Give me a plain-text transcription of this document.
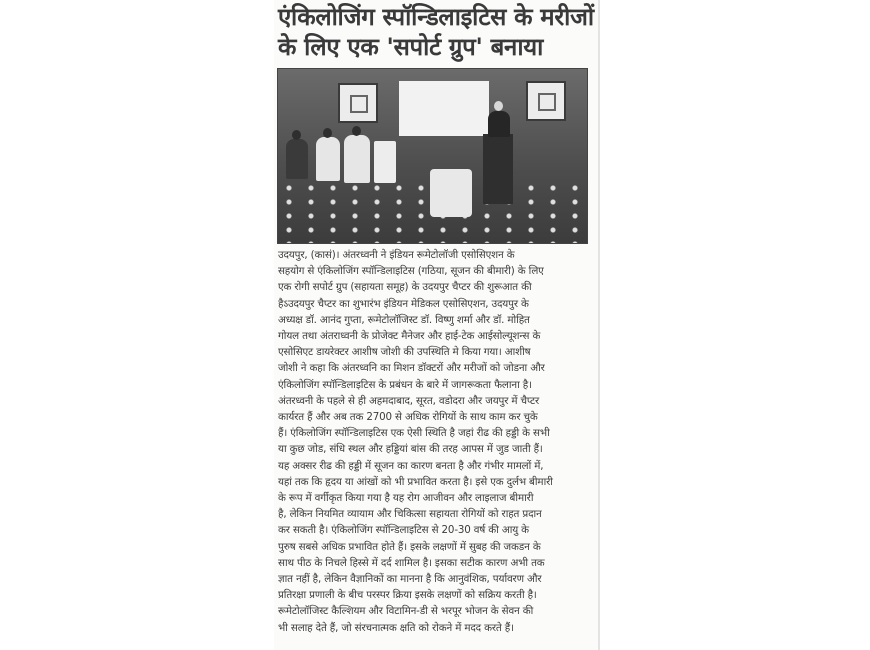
एंकिलोजिंग स्पॉन्डिलाइटिस के मरीजों
के लिए एक 'सपोर्ट ग्रुप' बनाया
उदयपुर, (कासं)। अंतरध्वनी ने इंडियन रूमेटोलॉजी एसोसिएशन के
सहयोग से एंकिलोजिंग स्पॉन्डिलाइटिस (गठिया, सूजन की बीमारी) के लिए
एक रोगी सपोर्ट ग्रुप (सहायता समूह) के उदयपुर चैप्टर की शुरूआत की
हैऽउदयपुर चैप्टर का शुभारंभ इंडियन मेडिकल एसोसिएशन, उदयपुर के
अध्यक्ष डॉ. आनंद गुप्ता, रूमेटोलॉजिस्ट डॉ. विष्णु शर्मा और डॉ. मोहित
गोयल तथा अंतराध्वनी के प्रोजेक्ट मैनेजर और हाई-टेक आईसोल्यूशन्स के
एसोसिएट डायरेक्टर आशीष जोशी की उपस्थिति मे किया गया। आशीष
जोशी ने कहा कि अंतरध्वनि का मिशन डॉक्टरों और मरीजों को जोडना और
एंकिलोजिंग स्पॉन्डिलाइटिस के प्रबंधन के बारे में जागरूकता फैलाना है।
अंतरध्वनी के पहले से ही अहमदाबाद, सूरत, वडोदरा और जयपुर में चैप्टर
कार्यरत हैं और अब तक 2700 से अधिक रोगियों के साथ काम कर चुके
हैं। एंकिलोजिंग स्पॉन्डिलाइटिस एक ऐसी स्थिति है जहां रीढ की हड्डी के सभी
या कुछ जोड, संधि स्थल और हड्डियां बांस की तरह आपस में जुड जाती हैं।
यह अक्सर रीढ की हड्डी में सूजन का कारण बनता है और गंभीर मामलों में,
यहां तक कि हृदय या आंखों को भी प्रभावित करता है। इसे एक दुर्लभ बीमारी
के रूप में वर्गीकृत किया गया है यह रोग आजीवन और लाइलाज बीमारी
है, लेकिन नियमित व्यायाम और चिकित्सा सहायता रोगियों को राहत प्रदान
कर सकती है। एंकिलोजिंग स्पॉन्डिलाइटिस से 20-30 वर्ष की आयु के
पुरुष सबसे अधिक प्रभावित होते हैं। इसके लक्षणों में सुबह की जकडन के
साथ पीठ के निचले हिस्से में दर्द शामिल है। इसका सटीक कारण अभी तक
ज्ञात नहीं है, लेकिन वैज्ञानिकों का मानना है कि आनुवंशिक, पर्यावरण और
प्रतिरक्षा प्रणाली के बीच परस्पर क्रिया इसके लक्षणों को सक्रिय करती है।
रूमेटोलॉजिस्ट कैल्शियम और विटामिन-डी से भरपूर भोजन के सेवन की
भी सलाह देते हैं, जो संरचनात्मक क्षति को रोकने में मदद करते हैं।
